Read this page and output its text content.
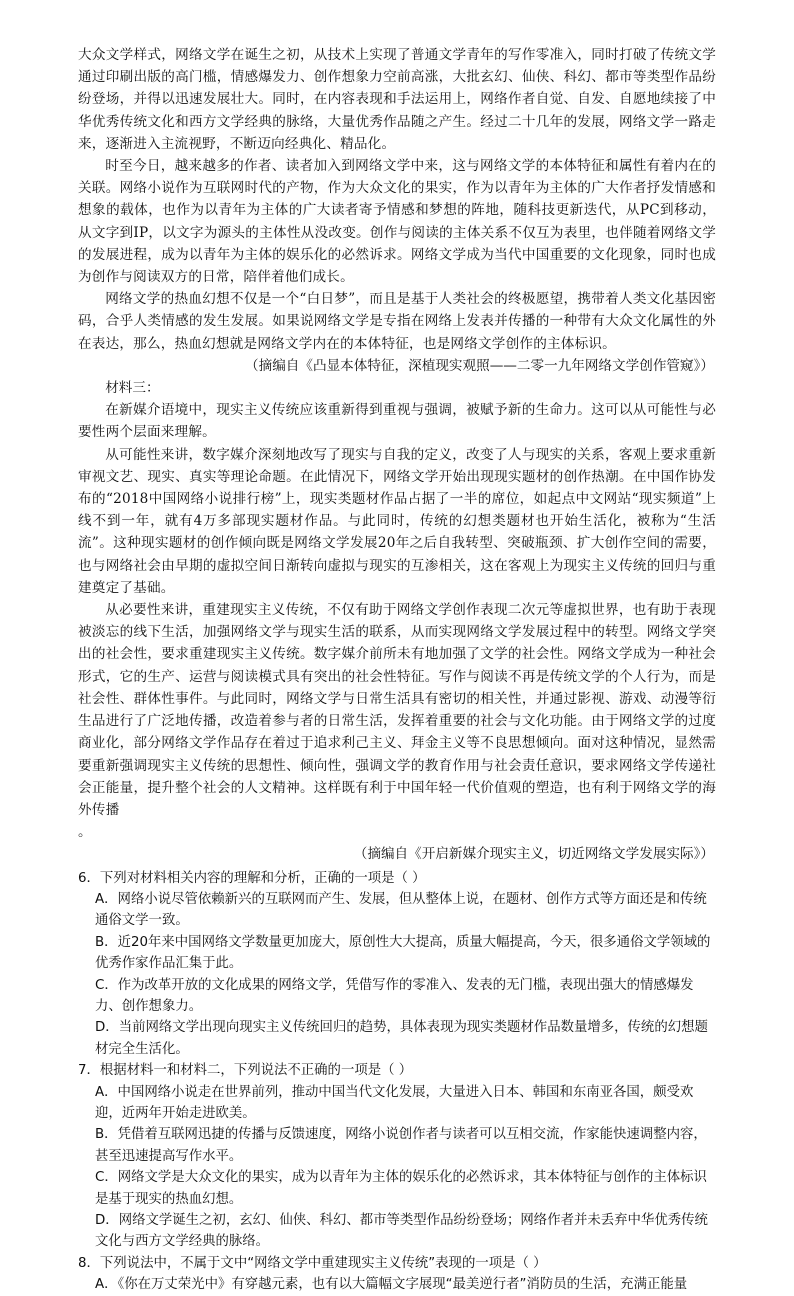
大众文学样式，网络文学在诞生之初，从技术上实现了普通文学青年的写作零准入，同时打破了传统文学通过印刷出版的高门槛，情感爆发力、创作想象力空前高涨，大批玄幻、仙侠、科幻、都市等类型作品纷纷登场，并得以迅速发展壮大。同时，在内容表现和手法运用上，网络作者自觉、自发、自愿地续接了中华优秀传统文化和西方文学经典的脉络，大量优秀作品随之产生。经过二十几年的发展，网络文学一路走来，逐渐进入主流视野，不断迈向经典化、精品化。

时至今日，越来越多的作者、读者加入到网络文学中来，这与网络文学的本体特征和属性有着内在的关联。网络小说作为互联网时代的产物，作为大众文化的果实，作为以青年为主体的广大作者抒发情感和想象的载体，也作为以青年为主体的广大读者寄予情感和梦想的阵地，随科技更新迭代，从PC到移动，从文字到IP，以文字为源头的主体性从没改变。创作与阅读的主体关系不仅互为表里，也伴随着网络文学的发展进程，成为以青年为主体的娱乐化的必然诉求。网络文学成为当代中国重要的文化现象，同时也成为创作与阅读双方的日常，陪伴着他们成长。

网络文学的热血幻想不仅是一个“白日梦”，而且是基于人类社会的终极愿望，携带着人类文化基因密码，合乎人类情感的发生发展。如果说网络文学是专指在网络上发表并传播的一种带有大众文化属性的外在表达，那么，热血幻想就是网络文学内在的本体特征，也是网络文学创作的主体标识。

（摘编自《凸显本体特征，深植现实观照——二零一九年网络文学创作管窥》）

材料三：

在新媒介语境中，现实主义传统应该重新得到重视与强调，被赋予新的生命力。这可以从可能性与必要性两个层面来理解。

从可能性来讲，数字媒介深刻地改写了现实与自我的定义，改变了人与现实的关系，客观上要求重新审视文艺、现实、真实等理论命题。在此情况下，网络文学开始出现现实题材的创作热潮。在中国作协发布的“2018中国网络小说排行榜”上，现实类题材作品占据了一半的席位，如起点中文网站“现实频道”上线不到一年，就有4万多部现实题材作品。与此同时，传统的幻想类题材也开始生活化，被称为“生活流”。这种现实题材的创作倾向既是网络文学发展20年之后自我转型、突破瓶颈、扩大创作空间的需要，也与网络社会由早期的虚拟空间日渐转向虚拟与现实的互渗相关，这在客观上为现实主义传统的回归与重建奠定了基础。

从必要性来讲，重建现实主义传统，不仅有助于网络文学创作表现二次元等虚拟世界，也有助于表现被淡忘的线下生活，加强网络文学与现实生活的联系，从而实现网络文学发展过程中的转型。网络文学突出的社会性，要求重建现实主义传统。数字媒介前所未有地加强了文学的社会性。网络文学成为一种社会形式，它的生产、运营与阅读模式具有突出的社会性特征。写作与阅读不再是传统文学的个人行为，而是社会性、群体性事件。与此同时，网络文学与日常生活具有密切的相关性，并通过影视、游戏、动漫等衍生品进行了广泛地传播，改造着参与者的日常生活，发挥着重要的社会与文化功能。由于网络文学的过度商业化，部分网络文学作品存在着过于追求利己主义、拜金主义等不良思想倾向。面对这种情况，显然需要重新强调现实主义传统的思想性、倾向性，强调文学的教育作用与社会责任意识，要求网络文学传递社会正能量，提升整个社会的人文精神。这样既有利于中国年轻一代价值观的塑造，也有利于网络文学的海外传播
。

（摘编自《开启新媒介现实主义，切近网络文学发展实际》）

6．下列对材料相关内容的理解和分析，正确的一项是（ ）

A．网络小说尽管依赖新兴的互联网而产生、发展，但从整体上说，在题材、创作方式等方面还是和传统通俗文学一致。

B．近20年来中国网络文学数量更加庞大，原创性大大提高，质量大幅提高，今天，很多通俗文学领域的优秀作家作品汇集于此。

C．作为改革开放的文化成果的网络文学，凭借写作的零准入、发表的无门槛，表现出强大的情感爆发力、创作想象力。

D．当前网络文学出现向现实主义传统回归的趋势，具体表现为现实类题材作品数量增多，传统的幻想题材完全生活化。

7．根据材料一和材料二，下列说法不正确的一项是（ ）

A．中国网络小说走在世界前列，推动中国当代文化发展，大量进入日本、韩国和东南亚各国，颇受欢迎，近两年开始走进欧美。

B．凭借着互联网迅捷的传播与反馈速度，网络小说创作者与读者可以互相交流，作家能快速调整内容，甚至迅速提高写作水平。

C．网络文学是大众文化的果实，成为以青年为主体的娱乐化的必然诉求，其本体特征与创作的主体标识是基于现实的热血幻想。

D．网络文学诞生之初，玄幻、仙侠、科幻、都市等类型作品纷纷登场；网络作者并未丢弃中华优秀传统文化与西方文学经典的脉络。

8．下列说法中，不属于文中“网络文学中重建现实主义传统”表现的一项是（ ）

A．《你在万丈荣光中》有穿越元素，也有以大篇幅文字展现“最美逆行者”消防员的生活，充满正能量
